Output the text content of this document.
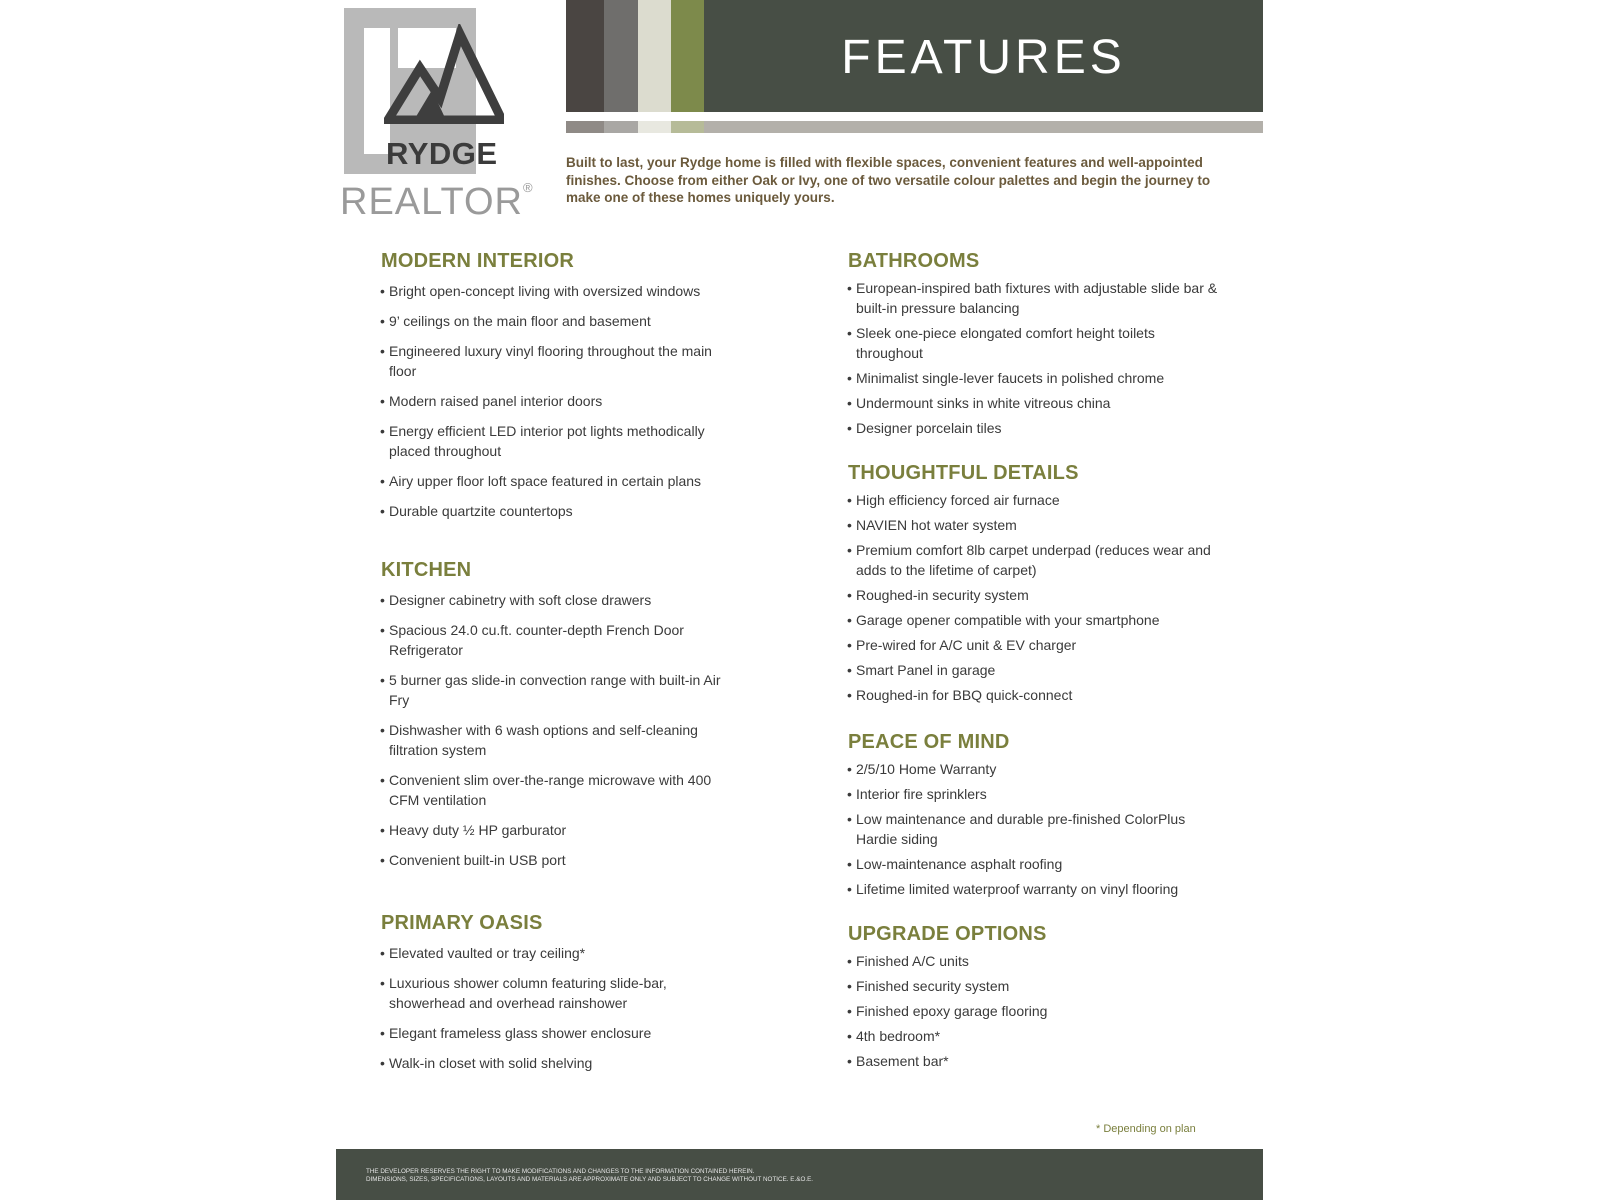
RYDGE
REALTOR®
FEATURES
Built to last, your Rydge home is filled with flexible spaces, convenient features and well-appointed finishes. Choose from either Oak or Ivy, one of two versatile colour palettes and begin the journey to make one of these homes uniquely yours.
MODERN INTERIOR
• Bright open-concept living with oversized windows
• 9’ ceilings on the main floor and basement
• Engineered luxury vinyl flooring throughout the main floor
• Modern raised panel interior doors
• Energy efficient LED interior pot lights methodically placed throughout
• Airy upper floor loft space featured in certain plans
• Durable quartzite countertops
KITCHEN
• Designer cabinetry with soft close drawers
• Spacious 24.0 cu.ft. counter-depth French Door Refrigerator
• 5 burner gas slide-in convection range with built-in Air Fry
• Dishwasher with 6 wash options and self-cleaning filtration system
• Convenient slim over-the-range microwave with 400 CFM ventilation
• Heavy duty ½ HP garburator
• Convenient built-in USB port
PRIMARY OASIS
• Elevated vaulted or tray ceiling*
• Luxurious shower column featuring slide-bar, showerhead and overhead rainshower
• Elegant frameless glass shower enclosure
• Walk-in closet with solid shelving
BATHROOMS
• European-inspired bath fixtures with adjustable slide bar & built-in pressure balancing
• Sleek one-piece elongated comfort height toilets throughout
• Minimalist single-lever faucets in polished chrome
• Undermount sinks in white vitreous china
• Designer porcelain tiles
THOUGHTFUL DETAILS
• High efficiency forced air furnace
• NAVIEN hot water system
• Premium comfort 8lb carpet underpad (reduces wear and adds to the lifetime of carpet)
• Roughed-in security system
• Garage opener compatible with your smartphone
• Pre-wired for A/C unit & EV charger
• Smart Panel in garage
• Roughed-in for BBQ quick-connect
PEACE OF MIND
• 2/5/10 Home Warranty
• Interior fire sprinklers
• Low maintenance and durable pre-finished ColorPlus Hardie siding
• Low-maintenance asphalt roofing
• Lifetime limited waterproof warranty on vinyl flooring
UPGRADE OPTIONS
• Finished A/C units
• Finished security system
• Finished epoxy garage flooring
• 4th bedroom*
• Basement bar*
* Depending on plan
THE DEVELOPER RESERVES THE RIGHT TO MAKE MODIFICATIONS AND CHANGES TO THE INFORMATION CONTAINED HEREIN.
DIMENSIONS, SIZES, SPECIFICATIONS, LAYOUTS AND MATERIALS ARE APPROXIMATE ONLY AND SUBJECT TO CHANGE WITHOUT NOTICE. E.&O.E.
